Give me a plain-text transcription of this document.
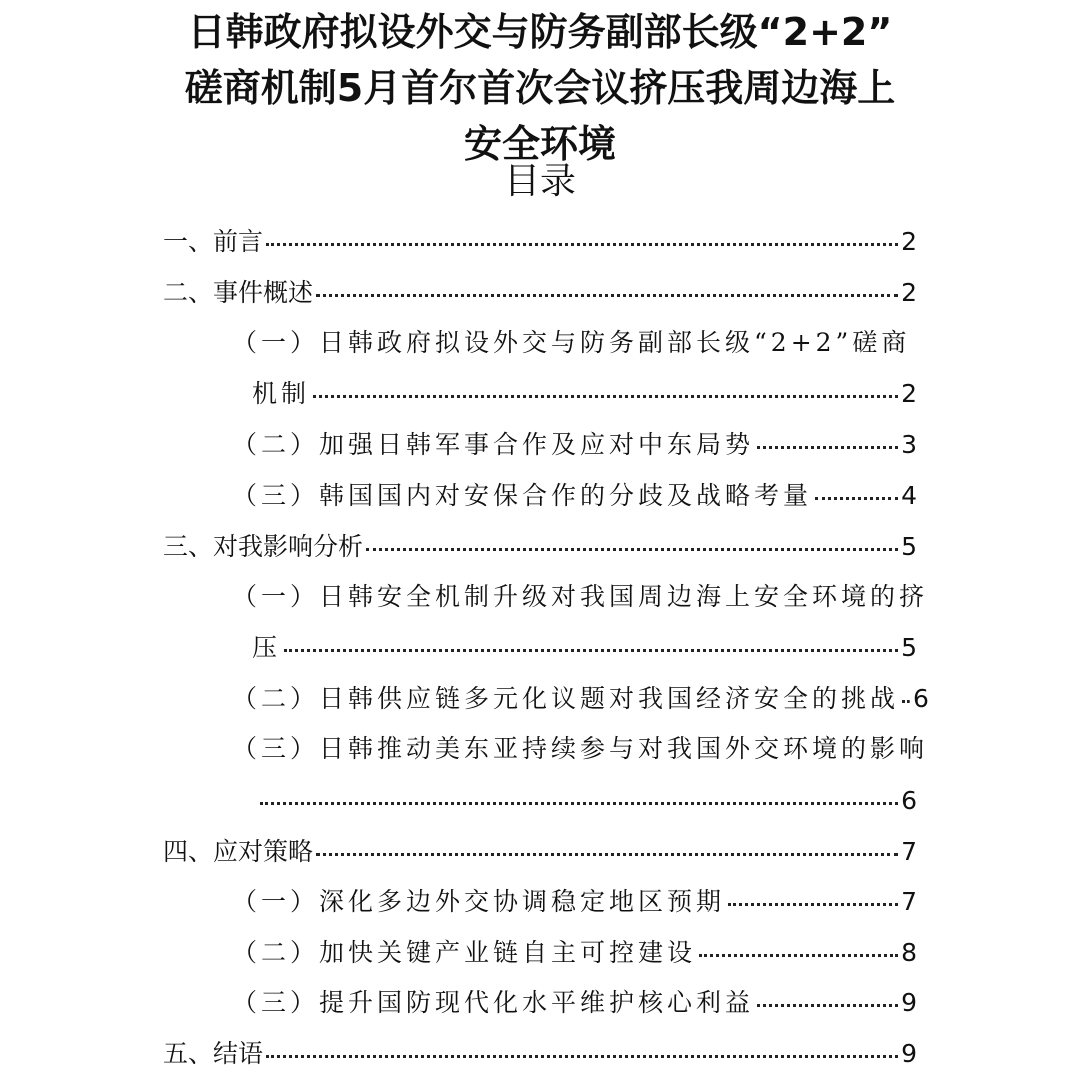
日韩政府拟设外交与防务副部长级“2+2”
磋商机制5月首尔首次会议挤压我周边海上
安全环境
目录
一、前言	2
二、事件概述	2
（一）日韩政府拟设外交与防务副部长级“2+2”磋商
机制	2
（二）加强日韩军事合作及应对中东局势	3
（三）韩国国内对安保合作的分歧及战略考量	4
三、对我影响分析	5
（一）日韩安全机制升级对我国周边海上安全环境的挤
压	5
（二）日韩供应链多元化议题对我国经济安全的挑战 6
（三）日韩推动美东亚持续参与对我国外交环境的影响
6
四、应对策略	7
（一）深化多边外交协调稳定地区预期	7
（二）加快关键产业链自主可控建设	8
（三）提升国防现代化水平维护核心利益	9
五、结语	9
